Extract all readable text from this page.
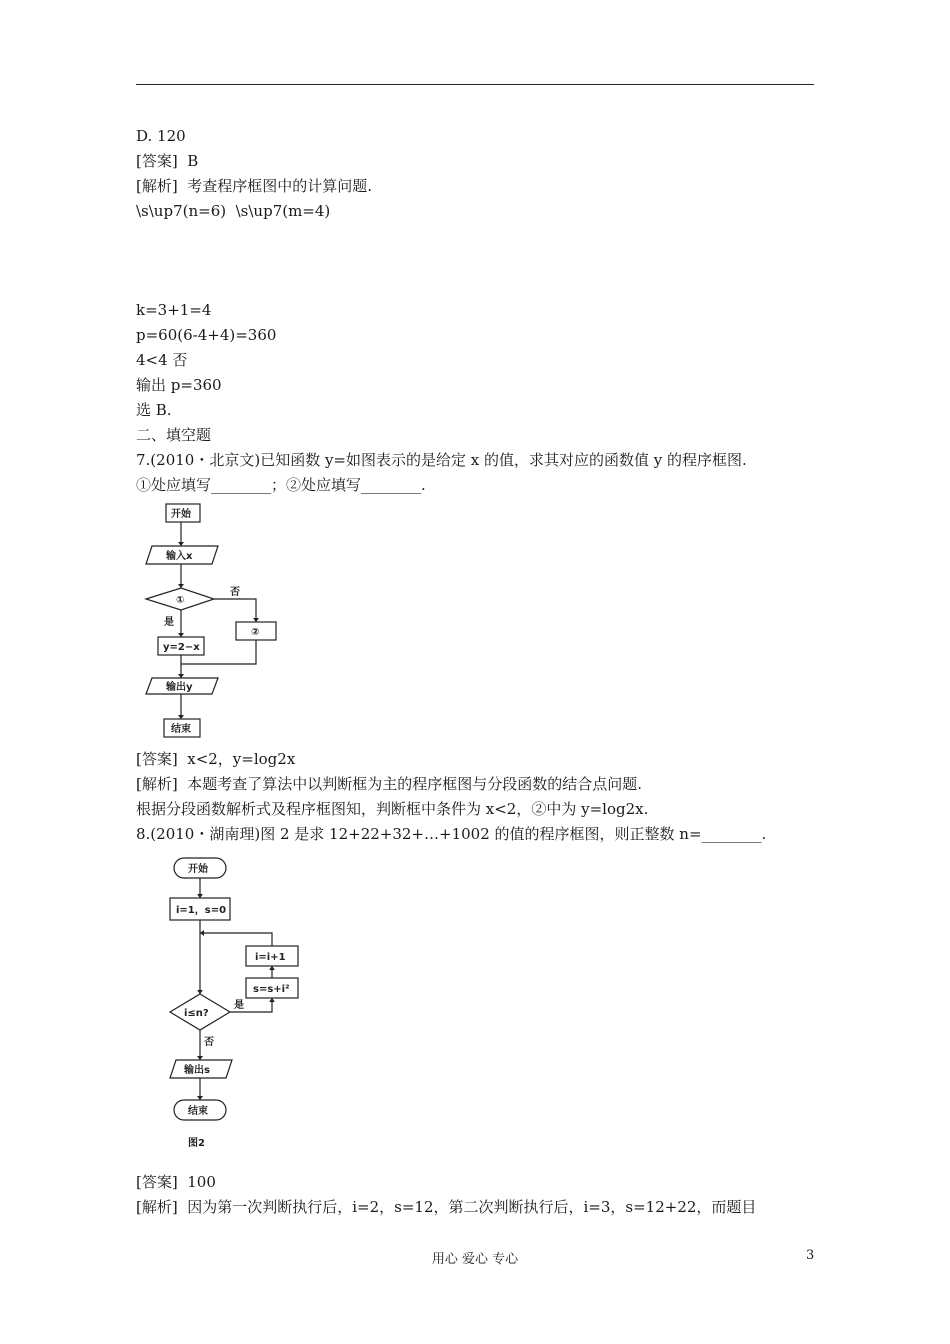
D. 120
[答案]  B
[解析]  考查程序框图中的计算问题.
\s\up7(n=6)  \s\up7(m=4)
k=3+1=4
p=60(6-4+4)=360
4<4 否
输出 p=360
选 B.
二、填空题
7.(2010・北京文)已知函数 y=如图表示的是给定 x 的值，求其对应的函数值 y 的程序框图.
①处应填写________；②处应填写________.
开始
输入x
①
否
是
②
y=2−x
输出y
结束
[答案]  x<2，y=log2x
[解析]  本题考查了算法中以判断框为主的程序框图与分段函数的结合点问题.
根据分段函数解析式及程序框图知，判断框中条件为 x<2，②中为 y=log2x.
8.(2010・湖南理)图 2 是求 12+22+32+…+1002 的值的程序框图，则正整数 n=________.
开始
i=1，s=0
i=i+1
s=s+i²
i≤n?
是
否
输出s
结束
图2
[答案]  100
[解析]  因为第一次判断执行后，i=2，s=12，第二次判断执行后，i=3，s=12+22，而题目
用心 爱心 专心	3
